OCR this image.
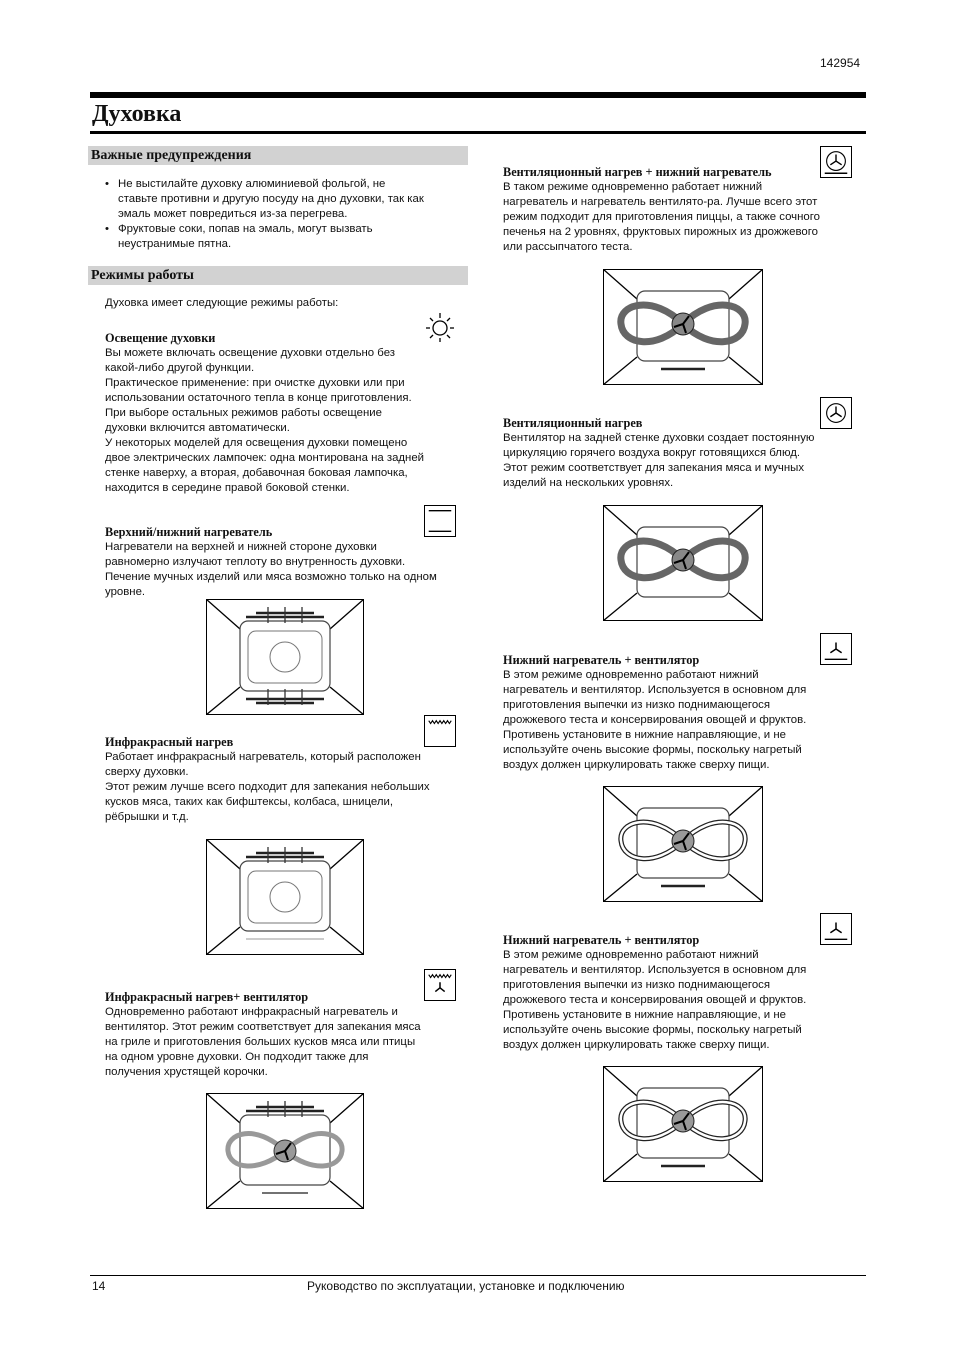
142954
Духовка
Важные предупреждения
• Не выстилайте духовку алюминиевой фольгой, не
ставьте противни и другую посуду на дно духовки, так как
эмаль может повредиться из-за перегрева.
• Фруктовые соки, попав на эмаль, могут вызвать
неустранимые пятна.
Режимы работы
Духовка имеет следующие режимы работы:
Освещение духовки
Вы можете включать освещение духовки отдельно без
какой-либо другой функции.
Практическое применение: при очистке духовки или при
использовании остаточного тепла в конце приготовления.
При выборе остальных режимов работы освещение
духовки включится автоматически.
У некоторых моделей для освещения духовки помещено
двое электрических лампочек: одна монтирована на задней
стенке наверху, а вторая, добавочная боковая лампочка,
находится в середине правой боковой стенки.
Верхний/нижний нагреватель
Нагреватели на верхней и нижней стороне духовки
равномерно излучают теплоту во внутренность духовки.
Печение мучных изделий или мяса возможно только на одном
уровне.
Инфракрасный нагрев
Работает инфракрасный нагреватель, который расположен
сверху духовки.
Этот режим лучше всего подходит для запекания небольших
кусков мяса, таких как бифштексы, колбаса, шницели,
рёбрышки и т.д.
Инфракрасный нагрев+ вентилятор
Одновременно работают инфракрасный нагреватель и
вентилятор. Этот режим соответствует для запекания мяса
на гриле и приготовления больших кусков мяса или птицы
на одном уровне духовки. Он подходит также для
получения хрустящей корочки.
Вентиляционный нагрев + нижний нагреватель
В таком режиме одновременно работает нижний
нагреватель и нагреватель вентилято-ра. Лучше всего этот
режим подходит для приготовления пиццы, а также сочного
печенья на 2 уровнях, фруктовых пирожных из дрожжевого
или рассыпчатого теста.
Вентиляционный нагрев
Вентилятор на задней стенке духовки создает постоянную
циркуляцию горячего воздуха вокруг готовящихся блюд.
Этот режим соответствует для запекания мяса и мучных
изделий на нескольких уровнях.
Нижний нагреватель + вентилятор
В этом режиме одновременно работают нижний
нагреватель и вентилятор. Используется в основном для
приготовления выпечки из низко поднимающегося
дрожжевого теста и консервирования овощей и фруктов.
Противень установите в нижние направляющие, и не
используйте очень высокие формы, поскольку нагретый
воздух должен циркулировать также сверху пищи.
Нижний нагреватель + вентилятор
В этом режиме одновременно работают нижний
нагреватель и вентилятор. Используется в основном для
приготовления выпечки из низко поднимающегося
дрожжевого теста и консервирования овощей и фруктов.
Противень установите в нижние направляющие, и не
используйте очень высокие формы, поскольку нагретый
воздух должен циркулировать также сверху пищи.
14	Руководство по эксплуатации, установке и подключению
